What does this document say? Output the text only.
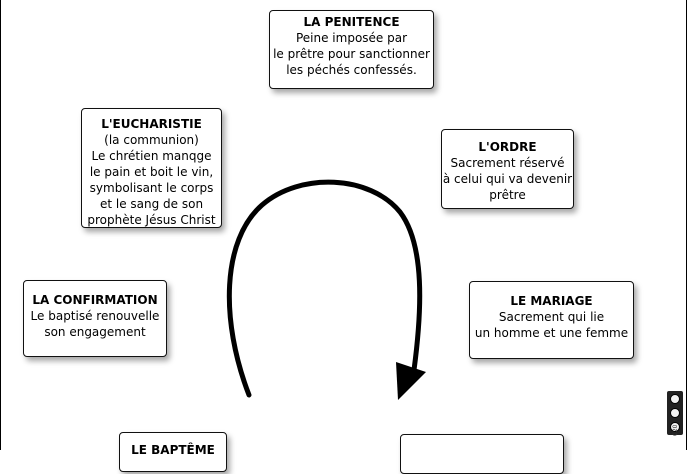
LA PENITENCE
Peine imposée par
le prêtre pour sanctionner
les péchés confessés.
L'EUCHARISTIE
(la communion)
Le chrétien manqge
le pain et boit le vin,
symbolisant le corps
et le sang de son
prophète Jésus Christ
L'ORDRE
Sacrement réservé
à celui qui va devenir
prêtre
LA CONFIRMATION
Le baptisé renouvelle
son engagement
LE MARIAGE
Sacrement qui lie
un homme et une femme
LE BAPTÊME
020
